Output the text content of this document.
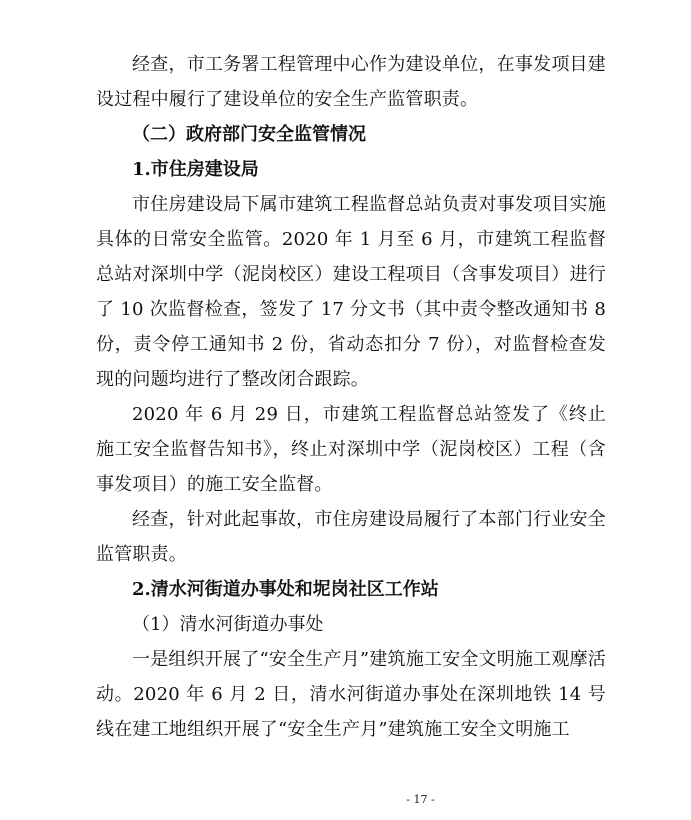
经查，市工务署工程管理中心作为建设单位，在事发项目建设过程中履行了建设单位的安全生产监管职责。

（二）政府部门安全监管情况

1.市住房建设局

市住房建设局下属市建筑工程监督总站负责对事发项目实施具体的日常安全监管。2020 年 1 月至 6 月，市建筑工程监督总站对深圳中学（泥岗校区）建设工程项目（含事发项目）进行了 10 次监督检查，签发了 17 分文书（其中责令整改通知书 8 份，责令停工通知书 2 份，省动态扣分 7 份），对监督检查发现的问题均进行了整改闭合跟踪。

2020 年 6 月 29 日，市建筑工程监督总站签发了《终止施工安全监督告知书》，终止对深圳中学（泥岗校区）工程（含事发项目）的施工安全监督。

经查，针对此起事故，市住房建设局履行了本部门行业安全监管职责。

2.清水河街道办事处和坭岗社区工作站

（1）清水河街道办事处

一是组织开展了“安全生产月”建筑施工安全文明施工观摩活动。2020 年 6 月 2 日，清水河街道办事处在深圳地铁 14 号线在建工地组织开展了“安全生产月”建筑施工安全文明施工

- 17 -
